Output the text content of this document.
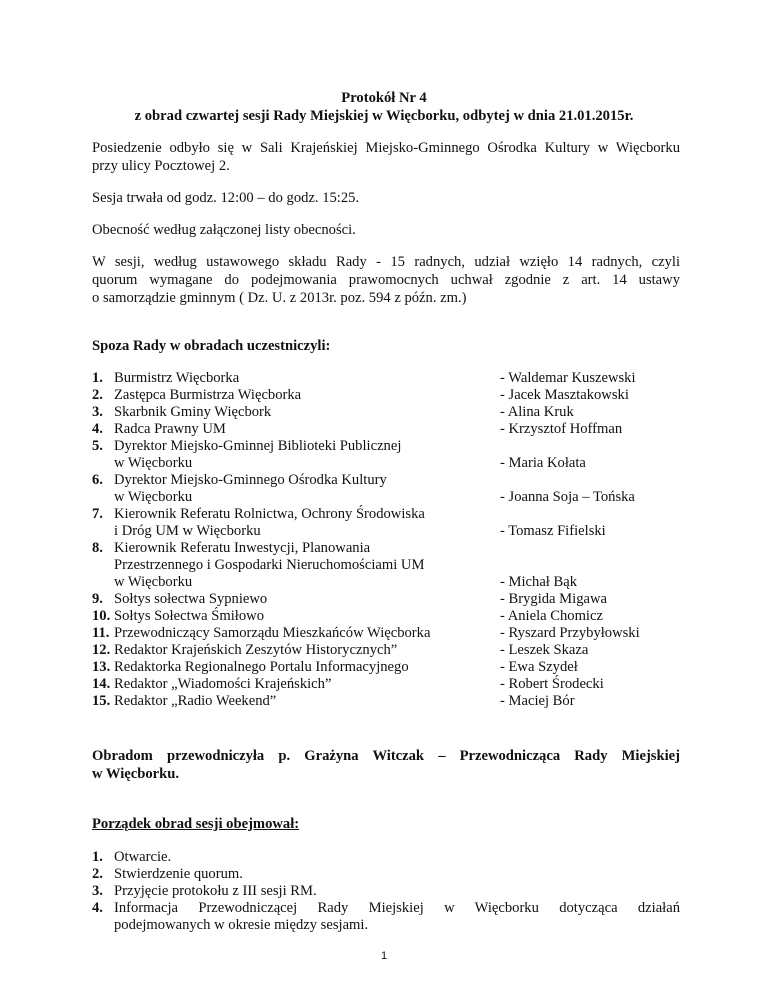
Protokół Nr 4
z obrad czwartej sesji Rady Miejskiej w Więcborku, odbytej w dnia 21.01.2015r.
Posiedzenie odbyło się w Sali Krajeńskiej Miejsko-Gminnego Ośrodka Kultury w Więcborku
przy ulicy Pocztowej 2.
Sesja trwała od godz. 12:00 – do godz. 15:25.
Obecność według załączonej listy obecności.
W sesji, według ustawowego składu Rady - 15 radnych, udział wzięło 14 radnych, czyli
quorum wymagane do podejmowania prawomocnych uchwał zgodnie z art. 14 ustawy
o samorządzie gminnym ( Dz. U. z 2013r. poz. 594 z późn. zm.)
Spoza Rady w obradach uczestniczyli:
1. Burmistrz Więcborka	- Waldemar Kuszewski
2. Zastępca Burmistrza Więcborka	- Jacek Masztakowski
3. Skarbnik Gminy Więcbork	- Alina Kruk
4. Radca Prawny UM	- Krzysztof Hoffman
5. Dyrektor Miejsko-Gminnej Biblioteki Publicznej
w Więcborku	- Maria Kołata
6. Dyrektor Miejsko-Gminnego Ośrodka Kultury
w Więcborku	- Joanna Soja – Tońska
7. Kierownik Referatu Rolnictwa, Ochrony Środowiska
i Dróg UM w Więcborku	- Tomasz Fifielski
8. Kierownik Referatu Inwestycji, Planowania
Przestrzennego i Gospodarki Nieruchomościami UM
w Więcborku	- Michał Bąk
9. Sołtys sołectwa Sypniewo	- Brygida Migawa
10. Sołtys Sołectwa Śmiłowo	- Aniela Chomicz
11. Przewodniczący Samorządu Mieszkańców Więcborka	- Ryszard Przybyłowski
12. Redaktor Krajeńskich Zeszytów Historycznych”	- Leszek Skaza
13. Redaktorka Regionalnego Portalu Informacyjnego	- Ewa Szydeł
14. Redaktor „Wiadomości Krajeńskich”	- Robert Środecki
15. Redaktor „Radio Weekend”	- Maciej Bór
Obradom przewodniczyła p. Grażyna Witczak – Przewodnicząca Rady Miejskiej
w Więcborku.
Porządek obrad sesji obejmował:
1. Otwarcie.
2. Stwierdzenie quorum.
3. Przyjęcie protokołu z III sesji RM.
4. Informacja Przewodniczącej Rady Miejskiej w Więcborku dotycząca działań
podejmowanych w okresie między sesjami.
1
